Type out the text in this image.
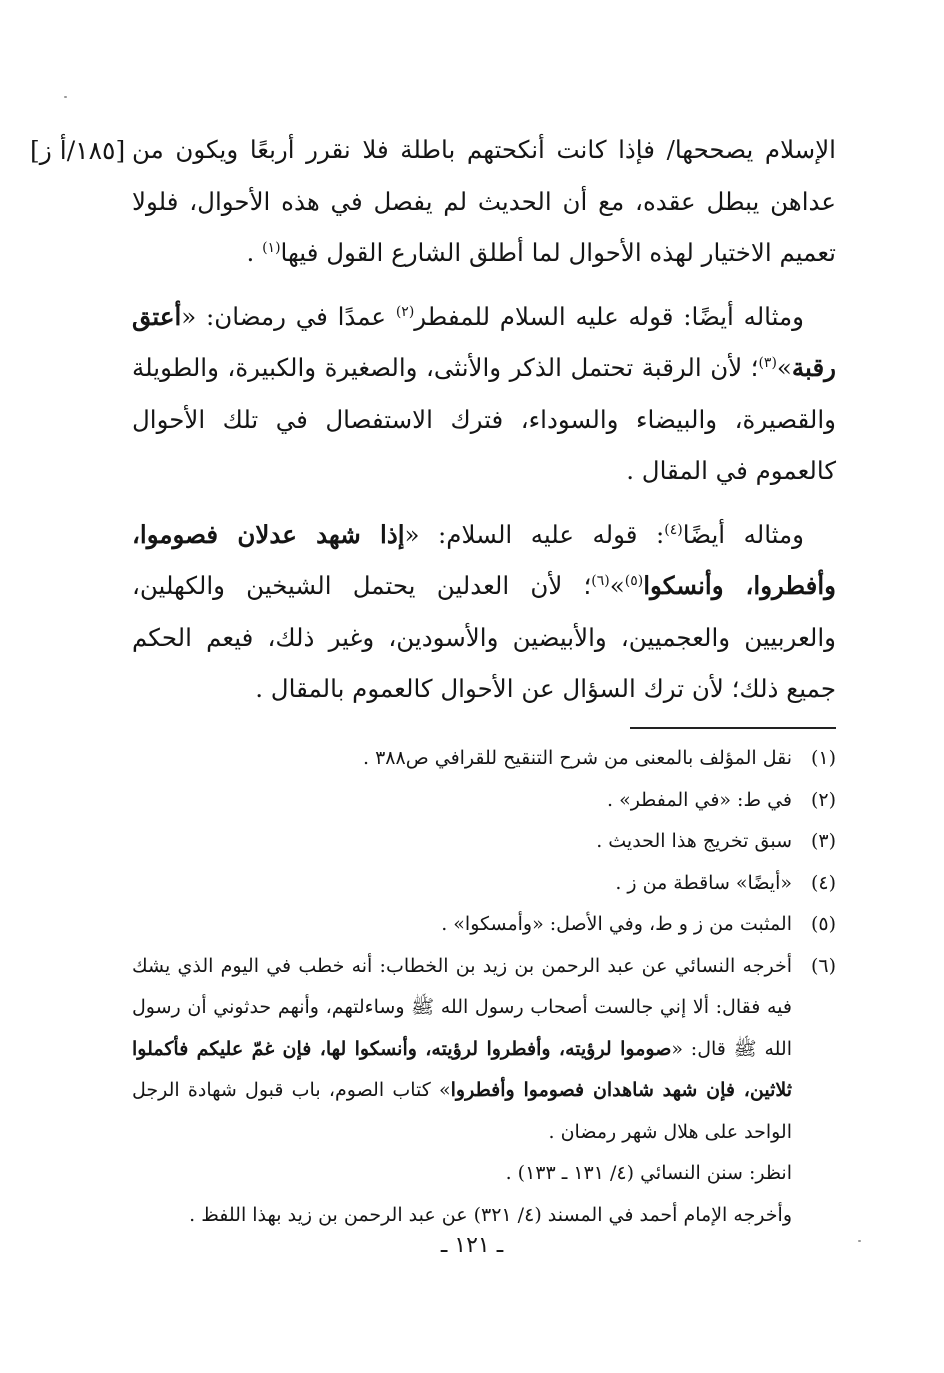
[١٨٥/أ ز] الإسلام يصححها/ فإذا كانت أنكحتهم باطلة فلا نقرر أربعًا ويكون من عداهن يبطل عقده، مع أن الحديث لم يفصل في هذه الأحوال، فلولا تعميم الاختيار لهذه الأحوال لما أطلق الشارع القول فيها$^{(١)}$ .

ومثاله أيضًا: قوله عليه السلام للمفطر$^{(٢)}$ عمدًا في رمضان: «أعتق رقبة»$^{(٣)}$؛ لأن الرقبة تحتمل الذكر والأنثى، والصغيرة والكبيرة، والطويلة والقصيرة، والبيضاء والسوداء، فترك الاستفصال في تلك الأحوال كالعموم في المقال .

ومثاله أيضًا$^{(٤)}$: قوله عليه السلام: «إذا شهد عدلان فصوموا، وأفطروا، وأنسكوا$^{(٥)}$»$^{(٦)}$؛ لأن العدلين يحتمل الشيخين والكهلين، والعربيين والعجميين، والأبيضين والأسودين، وغير ذلك، فيعم الحكم جميع ذلك؛ لأن ترك السؤال عن الأحوال كالعموم بالمقال .

(١)
نقل المؤلف بالمعنى من شرح التنقيح للقرافي ص٣٨٨ .
(٢)
في ط: «في المفطر» .
(٣)
سبق تخريج هذا الحديث .
(٤)
«أيضًا» ساقطة من ز .
(٥)
المثبت من ز و ط، وفي الأصل: «وأمسكوا» .
(٦)
أخرجه النسائي عن عبد الرحمن بن زيد بن الخطاب: أنه خطب في اليوم الذي يشك فيه فقال: ألا إني جالست أصحاب رسول الله ﷺ وساءلتهم، وأنهم حدثوني أن رسول الله ﷺ قال: «صوموا لرؤيته، وأفطروا لرؤيته، وأنسكوا لها، فإن غمّ عليكم فأكملوا ثلاثين، فإن شهد شاهدان فصوموا وأفطروا» كتاب الصوم، باب قبول شهادة الرجل الواحد على هلال شهر رمضان .
انظر: سنن النسائي (٤/ ١٣١ ـ ١٣٣) .
وأخرجه الإمام أحمد في المسند (٤/ ٣٢١) عن عبد الرحمن بن زيد بهذا اللفظ .
ـ ١٢١ ـ
